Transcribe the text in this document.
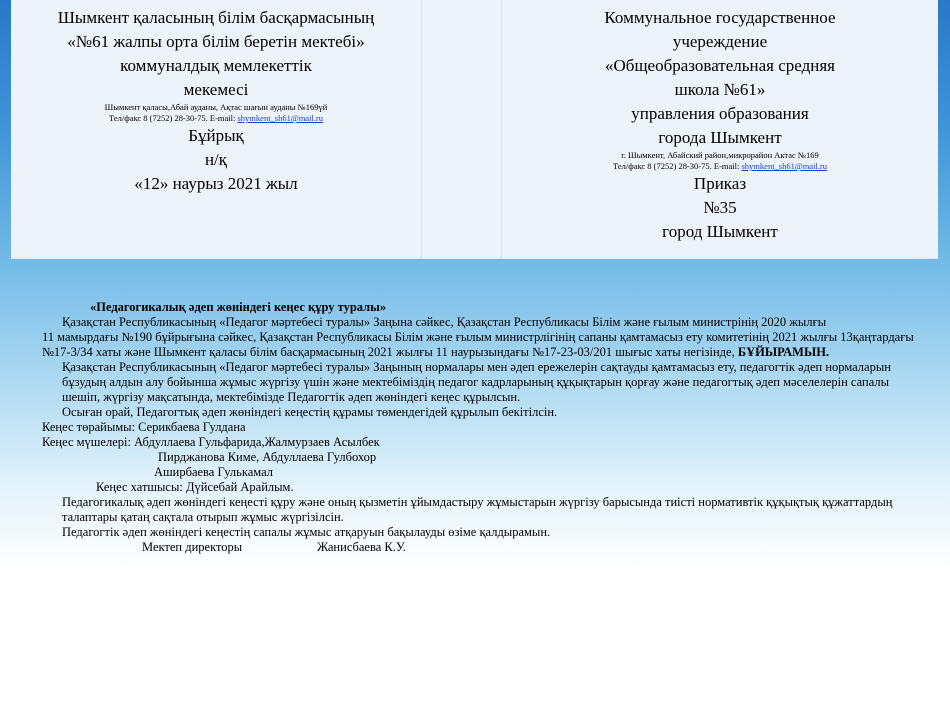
Шымкент қаласының білім басқармасының
«№61 жалпы орта білім беретін мектебі»
коммуналдық мемлекеттік
мекемесі
Шымкент қаласы,Абай ауданы, Ақтас шағын ауданы №169үй
Тел/факс 8 (7252) 28-30-75. E-mail: shymkent_sh61@mail.ru
Бұйрық
н/қ
«12» наурыз 2021 жыл
Коммунальное государственное
учереждение
«Общеобразовательная средняя
школа №61»
управления образования
города Шымкент
г. Шымкент, Абайский район,микрорайон Актас №169
Тел/факс 8 (7252) 28-30-75. E-mail: shymkent_sh61@mail.ru
Приказ
№35
город Шымкент

«Педагогикалық әдеп жөніндегі кеңес құру туралы»

Қазақстан Республикасының «Педагог мәртебесі туралы» Заңына сәйкес, Қазақстан Республикасы Білім және ғылым министрінің 2020 жылғы

11 мамырдағы №190 бұйрығына сәйкес, Қазақстан Республикасы Білім және ғылым министрлігінің сапаны қамтамасыз ету комитетінің 2021 жылғы 13қаңтардағы №17-3/34 хаты және Шымкент қаласы білім басқармасының 2021 жылғы 11 наурызындағы №17-23-03/201 шығыс хаты негізінде, БҰЙЫРАМЫН.

Қазақстан Республикасының «Педагог мәртебесі туралы» Заңының нормалары мен әдеп ережелерін сақтауды қамтамасыз ету, педагогтік әдеп нормаларын бұзудың алдын алу бойынша жұмыс жүргізу үшін және мектебіміздің педагог кадрларының құқықтарын қорғау және педагогтық әдеп мәселелерін сапалы шешіп, жүргізу мақсатында, мектебімізде Педагогтік әдеп жөніндегі кеңес құрылсын.

Осыған орай, Педагогтық әдеп жөніндегі кеңестің құрамы төмендегідей құрылып бекітілсін.

Кеңес төрайымы: Серикбаева Гулдана

Кеңес мүшелері: Абдуллаева Гульфарида,Жалмурзаев Асылбек

Пирджанова Киме, Абдуллаева Гулбохор

Аширбаева Гулькамал

Кеңес хатшысы: Дүйсебай Арайлым.

Педагогикалық әдеп жөніндегі кеңесті құру және оның қызметін ұйымдастыру жұмыстарын жүргізу барысында тиісті нормативтік құқықтық құжаттардың талаптары қатаң сақтала отырып жұмыс жүргізілсін.

Педагогтік әдеп жөніндегі кеңестің сапалы жұмыс атқаруын бақылауды өзіме қалдырамын.

Мектеп директоры	Жанисбаева К.У.
